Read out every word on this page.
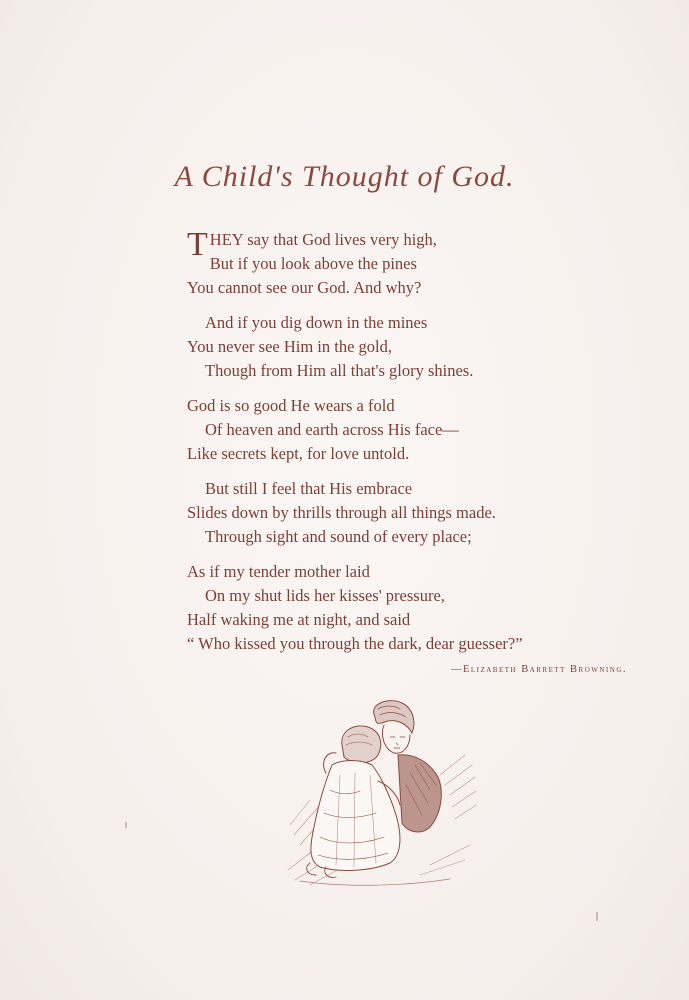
A Child's Thought of God.
THEY say that God lives very high,
But if you look above the pines
You cannot see our God. And why?
And if you dig down in the mines
You never see Him in the gold,
Though from Him all that's glory shines.
God is so good He wears a fold
Of heaven and earth across His face—
Like secrets kept, for love untold.
But still I feel that His embrace
Slides down by thrills through all things made.
Through sight and sound of every place;
As if my tender mother laid
On my shut lids her kisses' pressure,
Half waking me at night, and said
“ Who kissed you through the dark, dear guesser?”
—Elizabeth Barrett Browning.
